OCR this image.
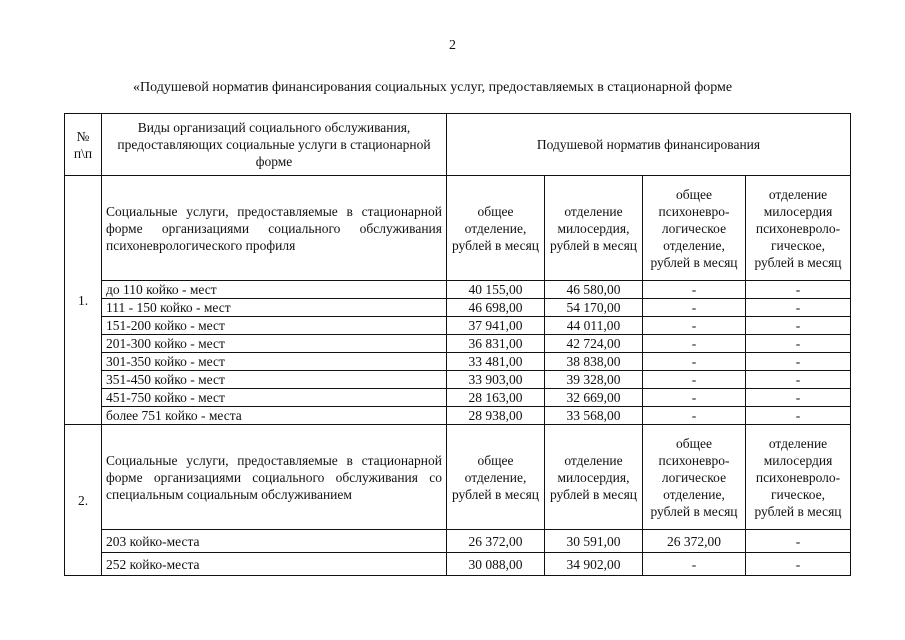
2
«Подушевой норматив финансирования социальных услуг, предоставляемых в стационарной форме
№ п\п	Виды организаций социального обслуживания, предоставляющих социальные услуги в стационарной форме	Подушевой норматив финансирования			
1.	Социальные услуги, предоставляемые в стационарной форме организациями социального обслуживания психоневрологического профиля	общее отделение, рублей в месяц	отделение милосердия, рублей в месяц	общее психоневро-логическое отделение, рублей в месяц	отделение милосердия психоневроло-гическое, рублей в месяц
	до 110 койко - мест	40 155,00	46 580,00	-	-
	111 - 150 койко - мест	46 698,00	54 170,00	-	-
	151-200 койко - мест	37 941,00	44 011,00	-	-
	201-300 койко - мест	36 831,00	42 724,00	-	-
	301-350 койко - мест	33 481,00	38 838,00	-	-
	351-450 койко - мест	33 903,00	39 328,00	-	-
	451-750 койко - мест	28 163,00	32 669,00	-	-
	более 751 койко - места	28 938,00	33 568,00	-	-
2.	Социальные услуги, предоставляемые в стационарной форме организациями социального обслуживания со специальным социальным обслуживанием	общее отделение, рублей в месяц	отделение милосердия, рублей в месяц	общее психоневро-логическое отделение, рублей в месяц	отделение милосердия психоневроло-гическое, рублей в месяц
	203 койко-места	26 372,00	30 591,00	26 372,00	-
	252 койко-места	30 088,00	34 902,00	-	-
